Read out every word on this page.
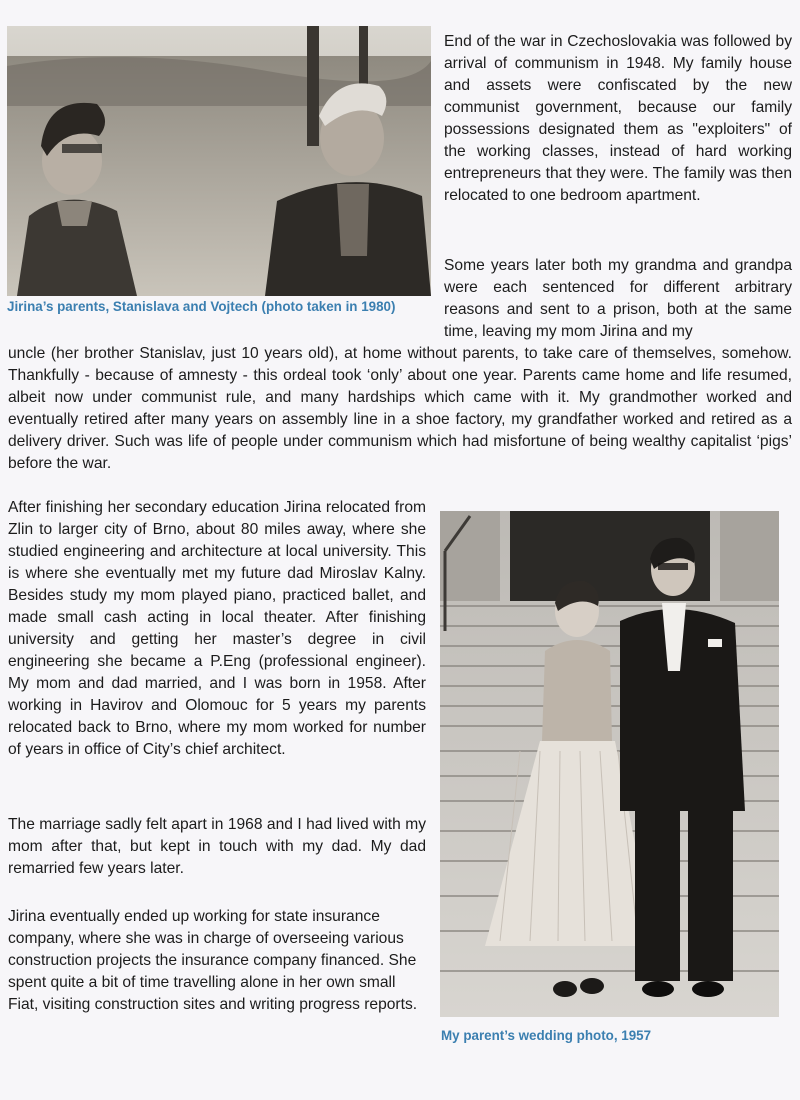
Jirina’s parents, Stanislava and Vojtech (photo taken in 1980)

End of the war in Czechoslovakia was followed by arrival of communism in 1948. My family house and assets were confiscated by the new communist government, because our family possessions designated them as "exploiters" of the working classes, instead of hard working entrepreneurs that they were. The family was then relocated to one bedroom apartment.

Some years later both my grandma and grandpa were each sentenced for different arbitrary reasons and sent to a prison, both at the same time, leaving my mom Jirina and my

uncle (her brother Stanislav, just 10 years old), at home without parents, to take care of themselves, somehow. Thankfully - because of amnesty - this ordeal took ‘only’ about one year. Parents came home and life resumed, albeit now under communist rule, and many hardships which came with it. My grandmother worked and eventually retired after many years on assembly line in a shoe factory, my grandfather worked and retired as a delivery driver. Such was life of people under communism which had misfortune of being wealthy capitalist ‘pigs’ before the war.

After finishing her secondary education Jirina relocated from Zlin to larger city of Brno, about 80 miles away, where she studied engineering and architecture at local university. This is where she eventually met my future dad Miroslav Kalny. Besides study my mom played piano, practiced ballet, and made small cash acting in local theater. After finishing university and getting her master’s degree in civil engineering she became a P.Eng (professional engineer). My mom and dad married, and I was born in 1958. After working in Havirov and Olomouc for 5 years my parents relocated back to Brno, where my mom worked for number of years in office of City’s chief architect.

The marriage sadly felt apart in 1968 and I had lived with my mom after that, but kept in touch with my dad. My dad remarried few years later.

Jirina eventually ended up working for state insurance company, where she was in charge of overseeing various construction projects the insurance company financed. She spent quite a bit of time travelling alone in her own small Fiat, visiting construction sites and writing progress reports.

My parent’s wedding photo, 1957
